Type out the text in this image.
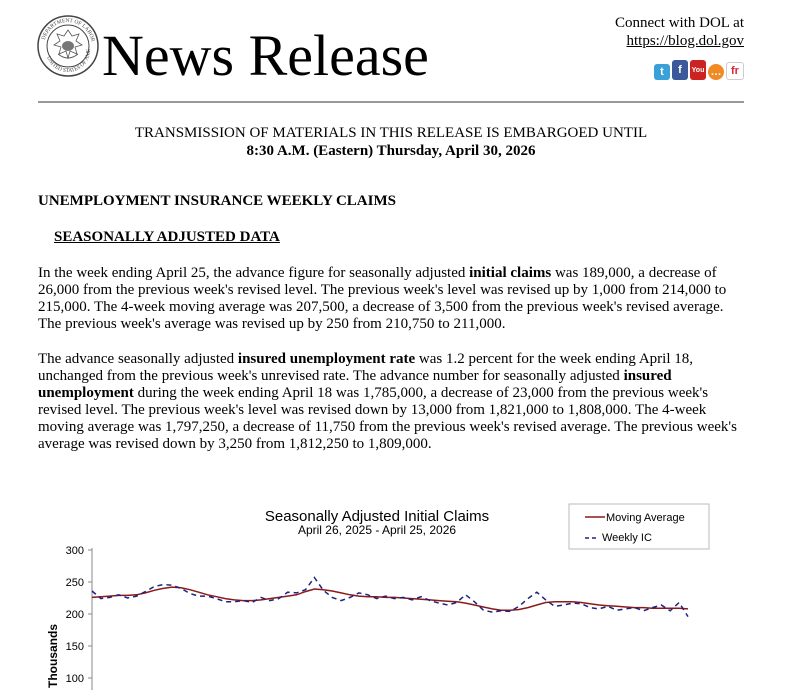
DEPARTMENT OF LABOR
UNITED STATES OF AME News Release	Connect with DOL at
https://blog.dol.gov
t	f	You … fr
TRANSMISSION OF MATERIALS IN THIS RELEASE IS EMBARGOED UNTIL
8:30 A.M. (Eastern) Thursday, April 30, 2026
UNEMPLOYMENT INSURANCE WEEKLY CLAIMS
SEASONALLY ADJUSTED DATA

In the week ending April 25, the advance figure for seasonally adjusted initial claims was 189,000, a decrease of 26,000 from the previous week's revised level. The previous week's level was revised up by 1,000 from 214,000 to 215,000. The 4-week moving average was 207,500, a decrease of 3,500 from the previous week's revised average. The previous week's average was revised up by 250 from 210,750 to 211,000.

The advance seasonally adjusted insured unemployment rate was 1.2 percent for the week ending April 18, unchanged from the previous week's unrevised rate. The advance number for seasonally adjusted insured unemployment during the week ending April 18 was 1,785,000, a decrease of 23,000 from the previous week's revised level. The previous week's level was revised down by 13,000 from 1,821,000 to 1,808,000. The 4-week moving average was 1,797,250, a decrease of 11,750 from the previous week's revised average. The previous week's average was revised down by 3,250 from 1,812,250 to 1,809,000.

Seasonally Adjusted Initial Claims
April 26, 2025 - April 25, 2026
Thousands
300
250
200
150
100
Moving Average
Weekly IC
